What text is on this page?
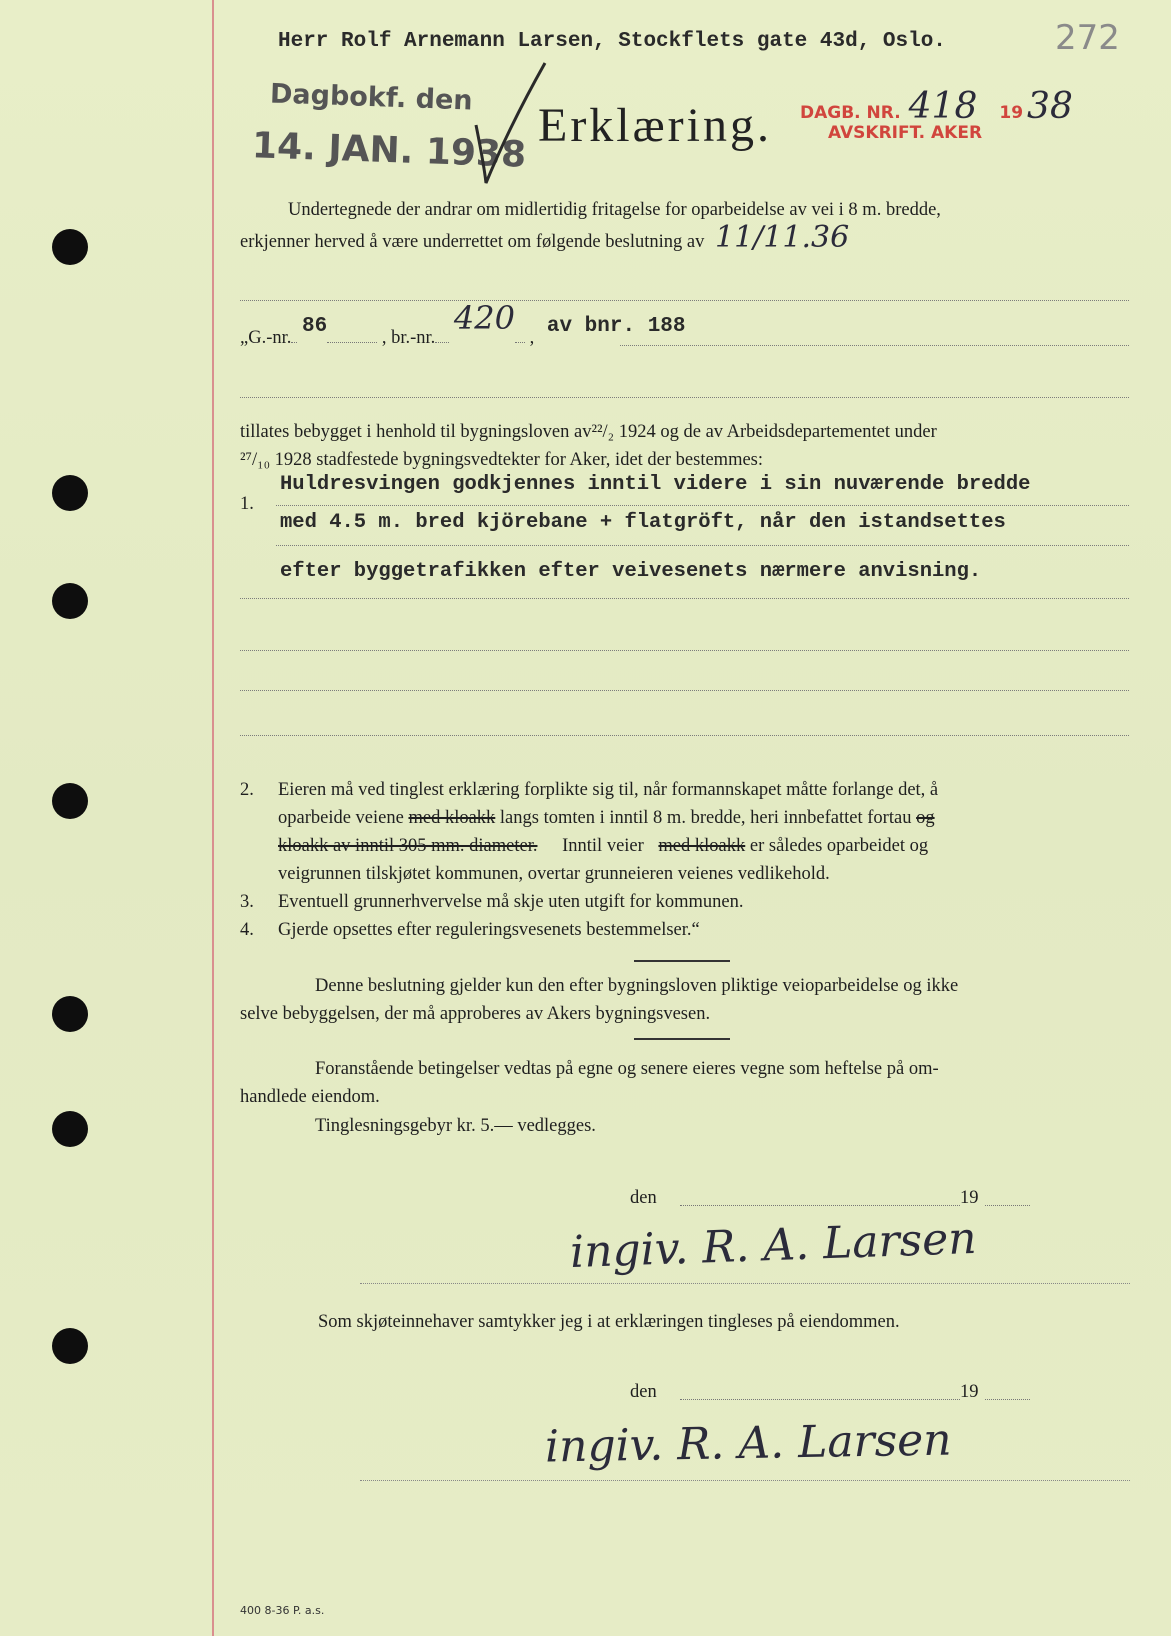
Herr Rolf Arnemann Larsen, Stockflets gate 43d, Oslo.	272
Dagbokf. den
14. JAN. 1938 Erklæring. DAGB. NR. 418 19 38
AVSKRIFT. AKER
Undertegnede der andrar om midlertidig fritagelse for oparbeidelse av vei i 8 m. bredde,
erkjenner herved å være underrettet om følgende beslutning av 11/11.36
„G.-nr. 86	, br.-nr. 420 , av bnr. 188
tillates bebygget i henhold til bygningsloven av²²/₂ 1924 og de av Arbeidsdepartementet under
²⁷/₁₀ 1928 stadfestede bygningsvedtekter for Aker, idet der bestemmes:
1.
Huldresvingen godkjennes inntil videre i sin nuværende bredde
med 4.5 m. bred kjörebane + flatgröft, når den istandsettes
efter byggetrafikken efter veivesenets nærmere anvisning.
2. Eieren må ved tinglest erklæring forplikte sig til, når formannskapet måtte forlange det, å
oparbeide veiene med kloakk langs tomten i inntil 8 m. bredde, heri innbefattet fortau og
kloakk av inntil 305 mm. diameter. Inntil veier med kloakk er således oparbeidet og
veigrunnen tilskjøtet kommunen, overtar grunneieren veienes vedlikehold.
3. Eventuell grunnerhvervelse må skje uten utgift for kommunen.
4. Gjerde opsettes efter reguleringsvesenets bestemmelser.“
Denne beslutning gjelder kun den efter bygningsloven pliktige veioparbeidelse og ikke
selve bebyggelsen, der må approberes av Akers bygningsvesen.
Foranstående betingelser vedtas på egne og senere eieres vegne som heftelse på om-
handlede eiendom.
Tinglesningsgebyr kr. 5.— vedlegges.
den	19
ingiv. R. A. Larsen
Som skjøteinnehaver samtykker jeg i at erklæringen tingleses på eiendommen.
den	19
ingiv. R. A. Larsen
400 8-36 P. a.s.
